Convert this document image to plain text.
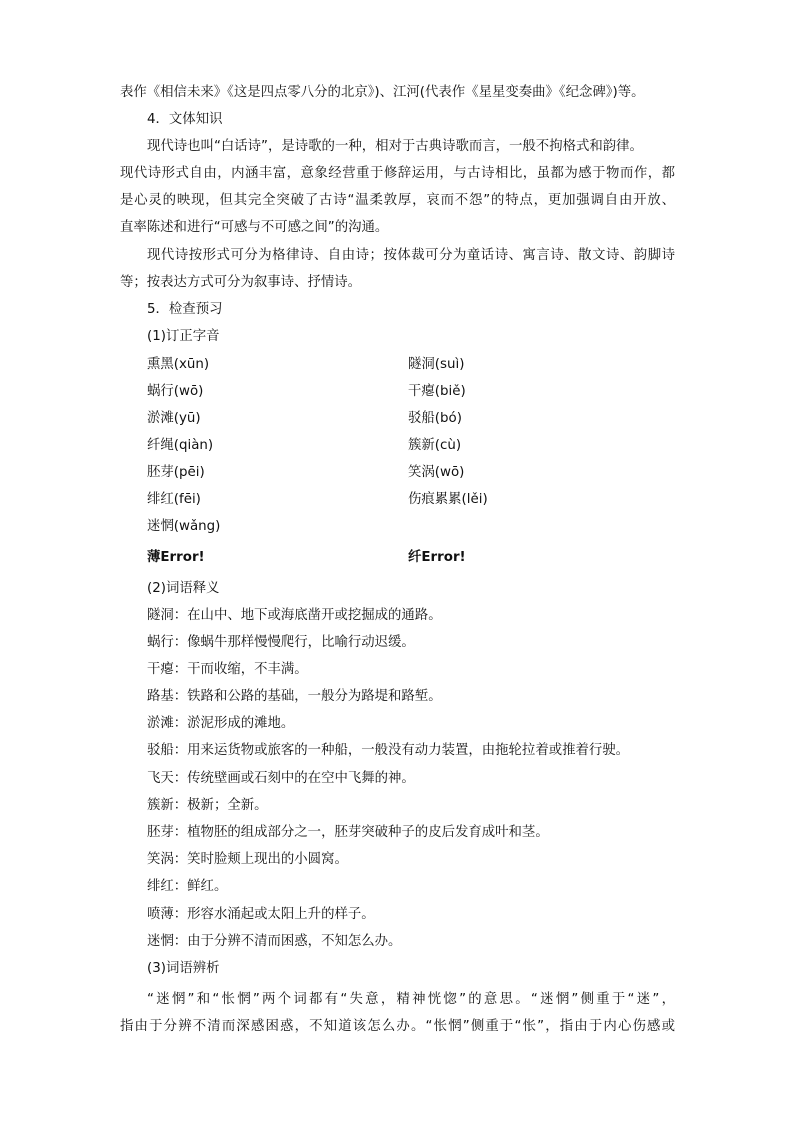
表作《相信未来》《这是四点零八分的北京》)、江河(代表作《星星变奏曲》《纪念碑》)等。
4．文体知识
现代诗也叫“白话诗”，是诗歌的一种，相对于古典诗歌而言，一般不拘格式和韵律。
现代诗形式自由，内涵丰富，意象经营重于修辞运用，与古诗相比，虽都为感于物而作，都
是心灵的映现，但其完全突破了古诗“温柔敦厚，哀而不怨”的特点，更加强调自由开放、
直率陈述和进行“可感与不可感之间”的沟通。
现代诗按形式可分为格律诗、自由诗；按体裁可分为童话诗、寓言诗、散文诗、韵脚诗
等；按表达方式可分为叙事诗、抒情诗。
5．检查预习
(1)订正字音
熏黑(xūn)
蜗行(wō)
淤滩(yū)
纤绳(qiàn)
胚芽(pēi)
绯红(fēi)
迷惘(wǎng)
隧洞(suì)
干瘪(biě)
驳船(bó)
簇新(cù)
笑涡(wō)
伤痕累累(lěi)
薄Error!	纤Error!
(2)词语释义
隧洞：在山中、地下或海底凿开或挖掘成的通路。
蜗行：像蜗牛那样慢慢爬行，比喻行动迟缓。
干瘪：干而收缩，不丰满。
路基：铁路和公路的基础，一般分为路堤和路堑。
淤滩：淤泥形成的滩地。
驳船：用来运货物或旅客的一种船，一般没有动力装置，由拖轮拉着或推着行驶。
飞天：传统壁画或石刻中的在空中飞舞的神。
簇新：极新；全新。
胚芽：植物胚的组成部分之一，胚芽突破种子的皮后发育成叶和茎。
笑涡：笑时脸颊上现出的小圆窝。
绯红：鲜红。
喷薄：形容水涌起或太阳上升的样子。
迷惘：由于分辨不清而困惑，不知怎么办。
(3)词语辨析
“迷惘”和“怅惘”两个词都有“失意，精神恍惚”的意思。“迷惘”侧重于“迷”，
指由于分辨不清而深感困惑，不知道该怎么办。“怅惘”侧重于“怅”，指由于内心伤感或
